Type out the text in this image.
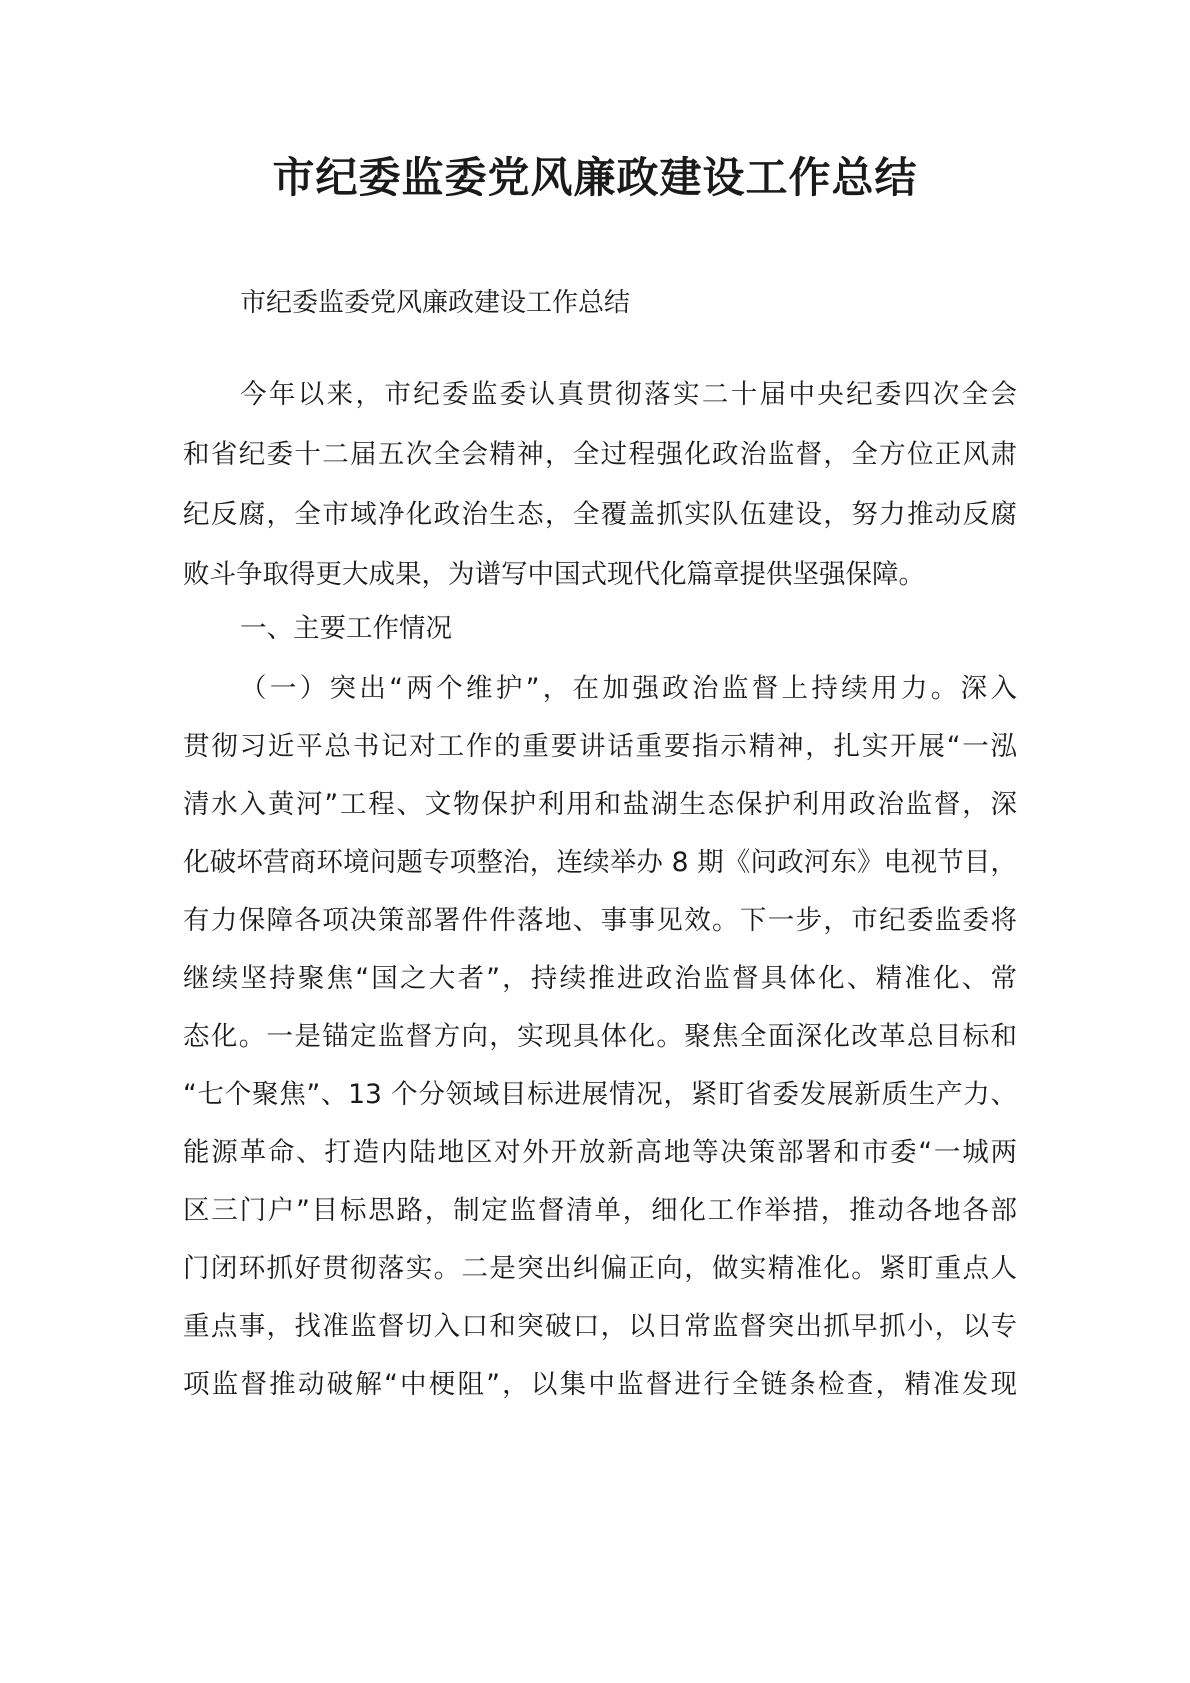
市纪委监委党风廉政建设工作总结

市纪委监委党风廉政建设工作总结

今年以来，市纪委监委认真贯彻落实二十届中央纪委四次全会

和省纪委十二届五次全会精神，全过程强化政治监督，全方位正风肃

纪反腐，全市域净化政治生态，全覆盖抓实队伍建设，努力推动反腐

败斗争取得更大成果，为谱写中国式现代化篇章提供坚强保障。

一、主要工作情况

（一）突出“两个维护”，在加强政治监督上持续用力。深入

贯彻习近平总书记对工作的重要讲话重要指示精神，扎实开展“一泓

清水入黄河”工程、文物保护利用和盐湖生态保护利用政治监督，深

化破坏营商环境问题专项整治，连续举办 8 期《问政河东》电视节目，

有力保障各项决策部署件件落地、事事见效。下一步，市纪委监委将

继续坚持聚焦“国之大者”，持续推进政治监督具体化、精准化、常

态化。一是锚定监督方向，实现具体化。聚焦全面深化改革总目标和

“七个聚焦”、13 个分领域目标进展情况，紧盯省委发展新质生产力、

能源革命、打造内陆地区对外开放新高地等决策部署和市委“一城两

区三门户”目标思路，制定监督清单，细化工作举措，推动各地各部

门闭环抓好贯彻落实。二是突出纠偏正向，做实精准化。紧盯重点人

重点事，找准监督切入口和突破口，以日常监督突出抓早抓小，以专

项监督推动破解“中梗阻”，以集中监督进行全链条检查，精准发现
